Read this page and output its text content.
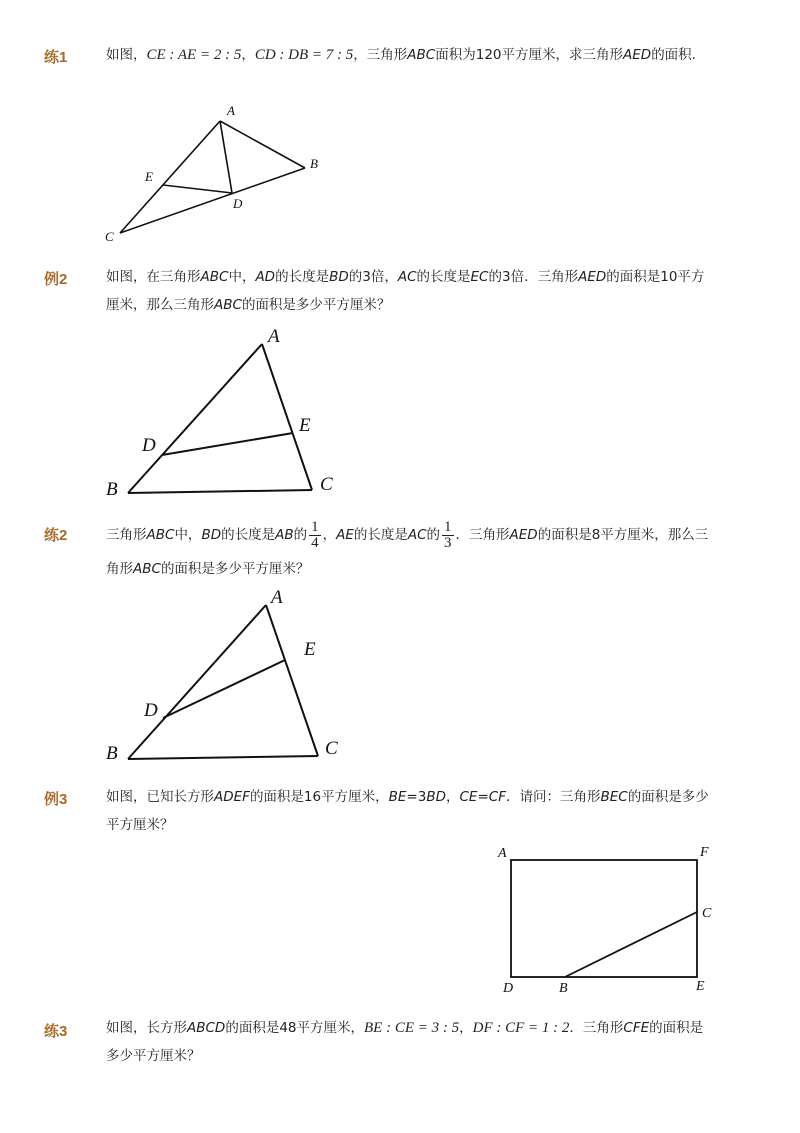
练1	如图，CE : AE = 2 : 5，CD : DB = 7 : 5，三角形ABC面积为120平方厘米，求三角形AED的面积．
A
B
C
D
E
A
B	C
D
E
A
B	C
D
E
A	F
C
D	B	E
例2	如图，在三角形ABC中，AD的长度是BD的3倍，AC的长度是EC的3倍．三角形AED的面积是10平方厘米，那么三角形ABC的面积是多少平方厘米？
练2	三角形ABC中，BD的长度是AB的 $\frac{1}{4}$ ，AE的长度是AC的 $\frac{1}{3}$ ．三角形AED的面积是8平方厘米，那么三角形ABC的面积是多少平方厘米？
例3	如图，已知长方形ADEF的面积是16平方厘米，BE=3BD，CE=CF．请问：三角形BEC的面积是多少平方厘米？
练3	如图，长方形ABCD的面积是48平方厘米，BE : CE = 3 : 5，DF : CF = 1 : 2．三角形CFE的面积是多少平方厘米？
